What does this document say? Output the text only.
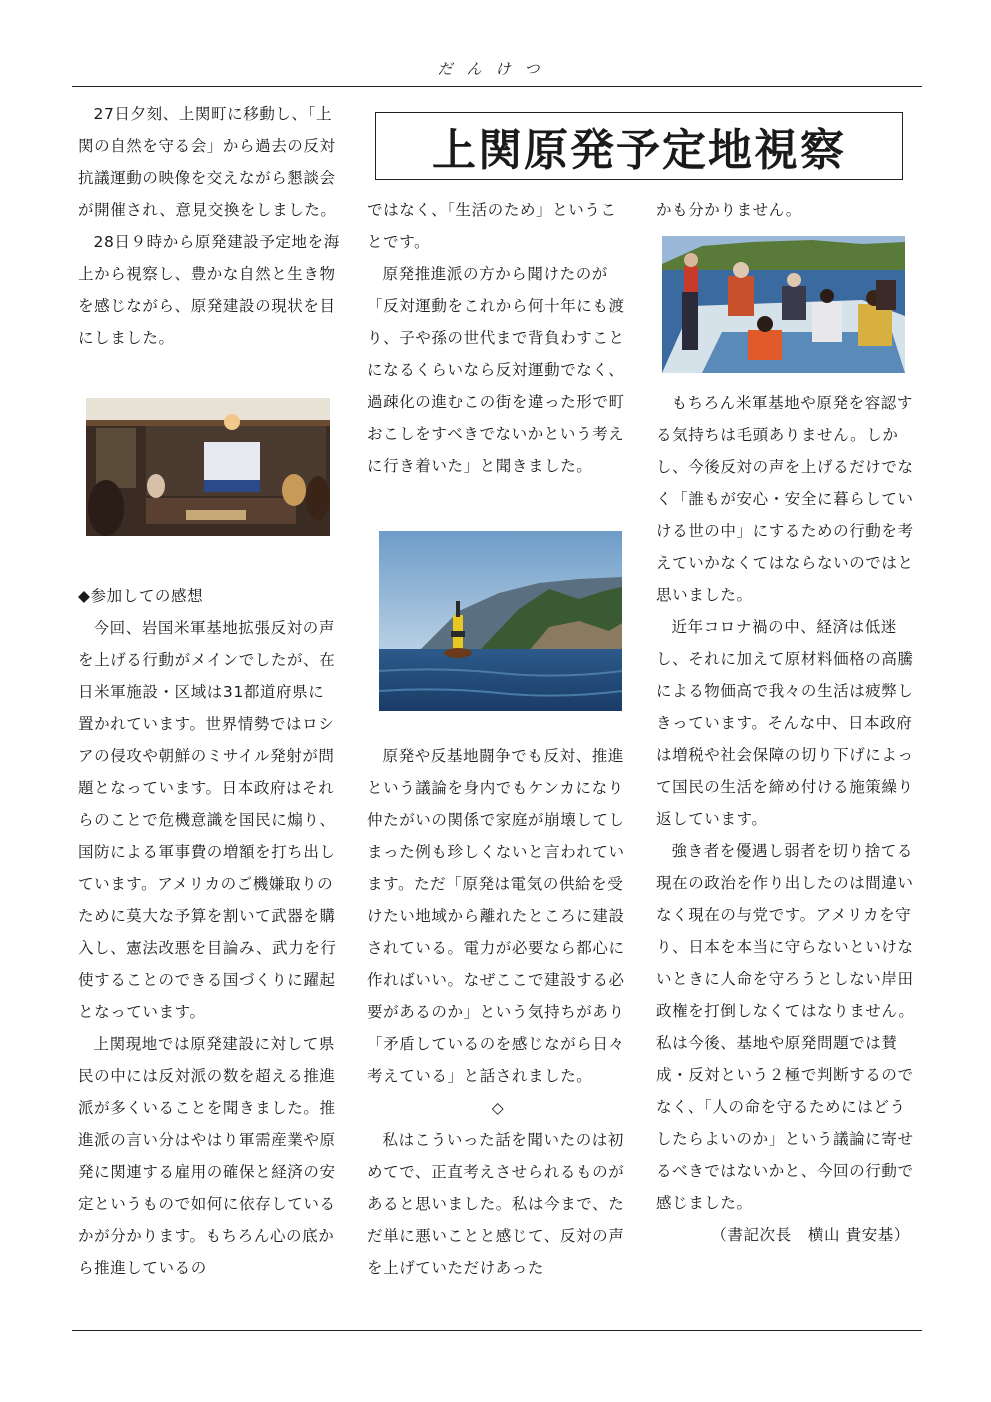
だんけつ
上関原発予定地視察

27日夕刻、上関町に移動し、「上関の自然を守る会」から過去の反対抗議運動の映像を交えながら懇談会が開催され、意見交換をしました。

28日９時から原発建設予定地を海上から視察し、豊かな自然と生き物を感じながら、原発建設の現状を目にしました。

◆参加しての感想

今回、岩国米軍基地拡張反対の声を上げる行動がメインでしたが、在日米軍施設・区域は31都道府県に置かれています。世界情勢ではロシアの侵攻や朝鮮のミサイル発射が問題となっています。日本政府はそれらのことで危機意識を国民に煽り、国防による軍事費の増額を打ち出しています。アメリカのご機嫌取りのために莫大な予算を割いて武器を購入し、憲法改悪を目論み、武力を行使することのできる国づくりに躍起となっています。

上関現地では原発建設に対して県民の中には反対派の数を超える推進派が多くいることを聞きました。推進派の言い分はやはり軍需産業や原発に関連する雇用の確保と経済の安定というもので如何に依存しているかが分かります。もちろん心の底から推進しているの

ではなく、「生活のため」ということです。

原発推進派の方から聞けたのが「反対運動をこれから何十年にも渡り、子や孫の世代まで背負わすことになるくらいなら反対運動でなく、過疎化の進むこの街を違った形で町おこしをすべきでないかという考えに行き着いた」と聞きました。

原発や反基地闘争でも反対、推進という議論を身内でもケンカになり仲たがいの関係で家庭が崩壊してしまった例も珍しくないと言われています。ただ「原発は電気の供給を受けたい地域から離れたところに建設されている。電力が必要なら都心に作ればいい。なぜここで建設する必要があるのか」という気持ちがあり「矛盾しているのを感じながら日々考えている」と話されました。

◇

私はこういった話を聞いたのは初めてで、正直考えさせられるものがあると思いました。私は今まで、ただ単に悪いことと感じて、反対の声を上げていただけあった

かも分かりません。

もちろん米軍基地や原発を容認する気持ちは毛頭ありません。しかし、今後反対の声を上げるだけでなく「誰もが安心・安全に暮らしていける世の中」にするための行動を考えていかなくてはならないのではと思いました。

近年コロナ禍の中、経済は低迷し、それに加えて原材料価格の高騰による物価高で我々の生活は疲弊しきっています。そんな中、日本政府は増税や社会保障の切り下げによって国民の生活を締め付ける施策繰り返しています。

強き者を優遇し弱者を切り捨てる現在の政治を作り出したのは間違いなく現在の与党です。アメリカを守り、日本を本当に守らないといけないときに人命を守ろうとしない岸田政権を打倒しなくてはなりません。私は今後、基地や原発問題では賛成・反対という２極で判断するのでなく、「人の命を守るためにはどうしたらよいのか」という議論に寄せるべきではないかと、今回の行動で感じました。

（書記次長　横山 貴安基）
